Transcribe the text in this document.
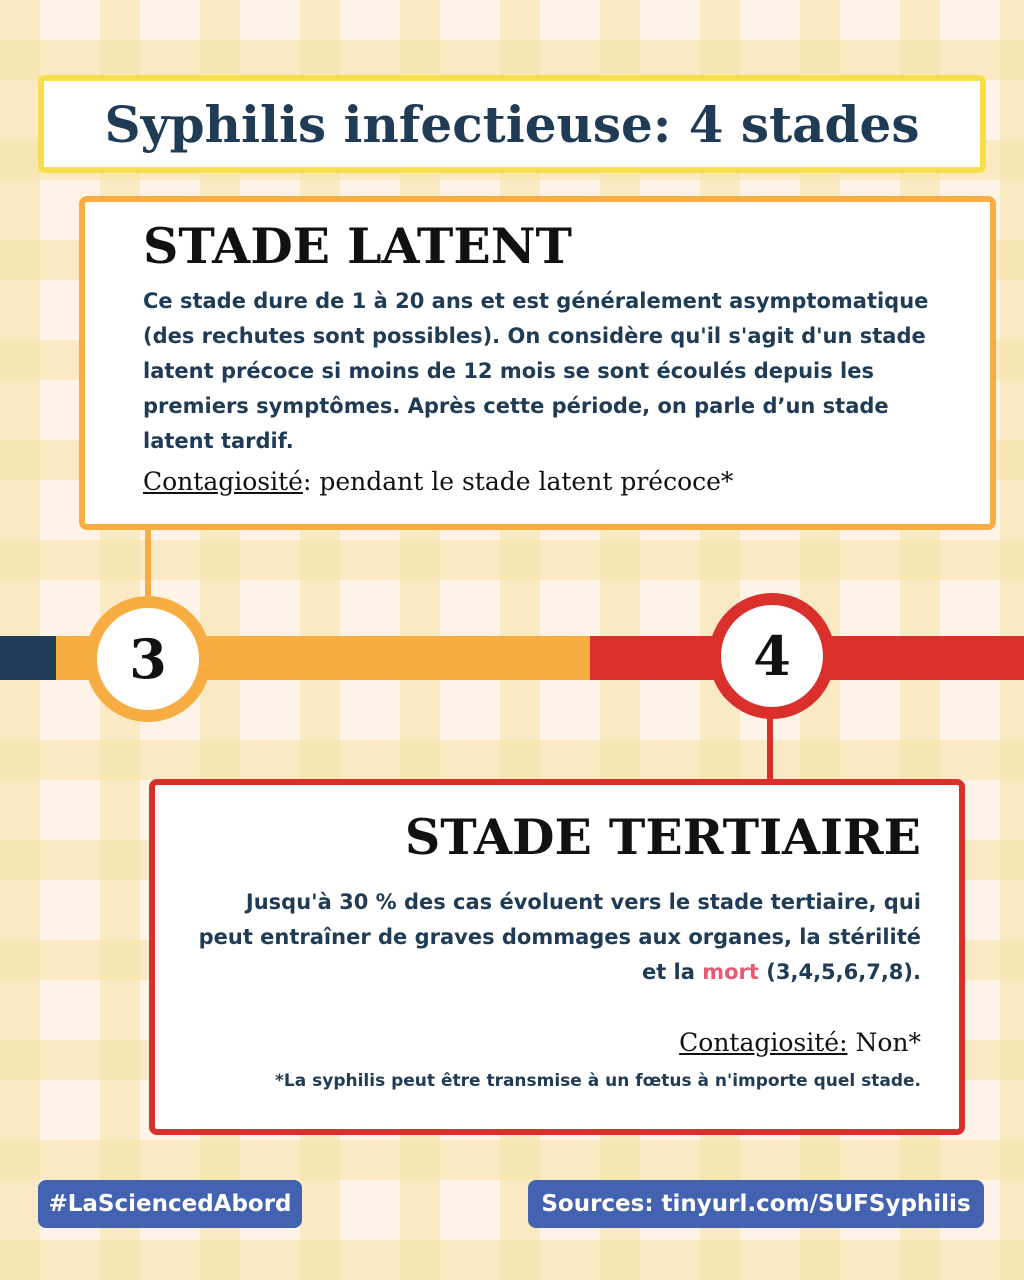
Syphilis infectieuse: 4 stades
STADE LATENT

Ce stade dure de 1 à 20 ans et est généralement asymptomatique (des rechutes sont possibles). On considère qu'il s'agit d'un stade latent précoce si moins de 12 mois se sont écoulés depuis les premiers symptômes. Après cette période, on parle d’un stade latent tardif.

Contagiosité: pendant le stade latent précoce*

3	4
STADE TERTIAIRE

Jusqu'à 30 % des cas évoluent vers le stade tertiaire, qui peut entraîner de graves dommages aux organes, la stérilité et la mort (3,4,5,6,7,8).

Contagiosité: Non*

*La syphilis peut être transmise à un fœtus à n'importe quel stade.

#LaSciencedAbord	Sources: tinyurl.com/SUFSyphilis
